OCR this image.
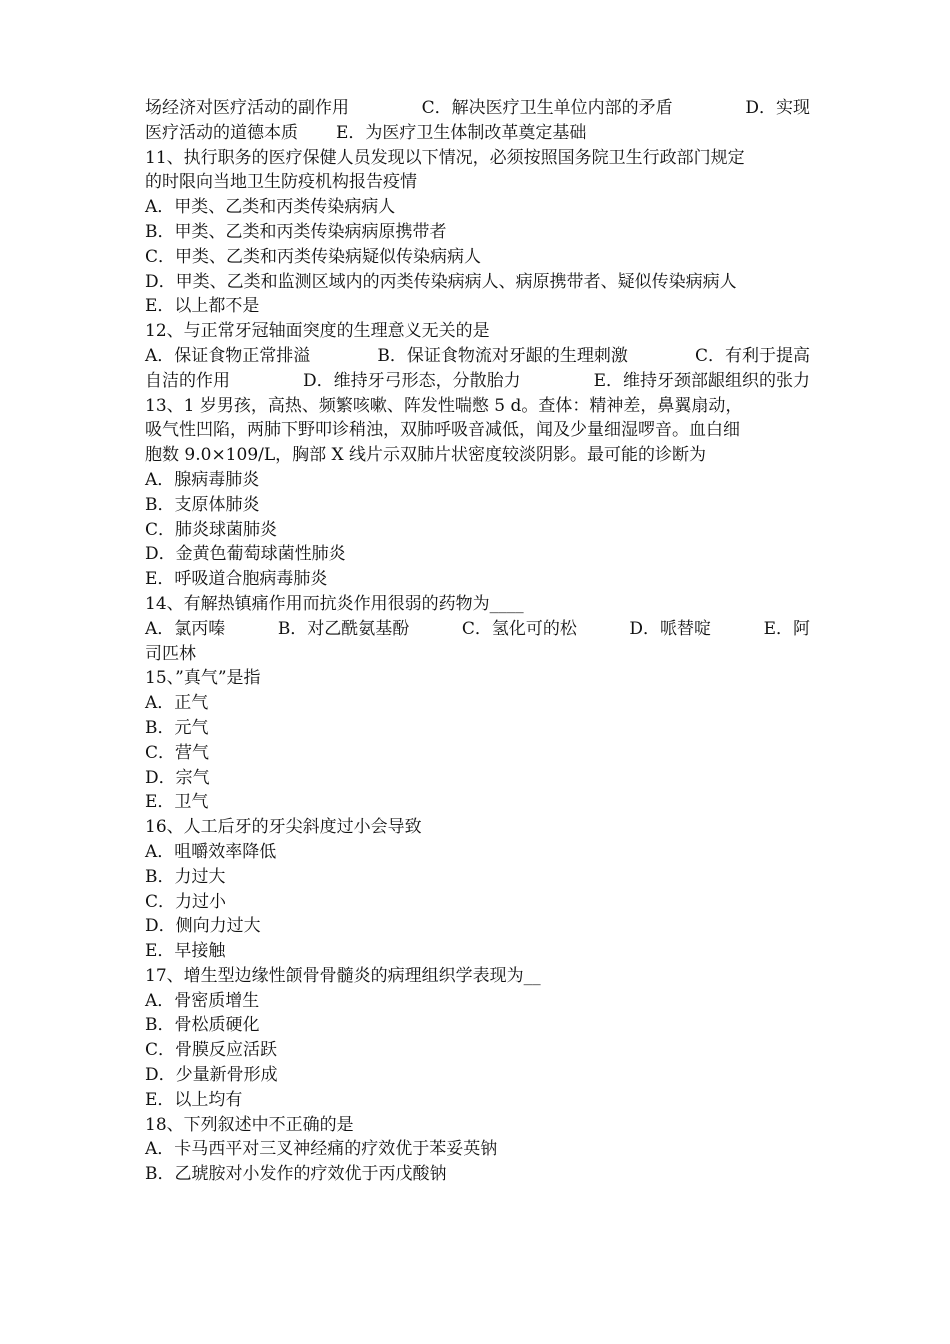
场经济对医疗活动的副作用	C．解决医疗卫生单位内部的矛盾	D．实现
医疗活动的道德本质 E．为医疗卫生体制改革奠定基础
11、执行职务的医疗保健人员发现以下情况，必须按照国务院卫生行政部门规定
的时限向当地卫生防疫机构报告疫情
A．甲类、乙类和丙类传染病病人
B．甲类、乙类和丙类传染病病原携带者
C．甲类、乙类和丙类传染病疑似传染病病人
D．甲类、乙类和监测区域内的丙类传染病病人、病原携带者、疑似传染病病人
E．以上都不是
12、与正常牙冠轴面突度的生理意义无关的是
A．保证食物正常排溢	B．保证食物流对牙龈的生理刺激	C．有利于提高
自洁的作用	D．维持牙弓形态，分散胎力	E．维持牙颈部龈组织的张力
13、1 岁男孩，高热、频繁咳嗽、阵发性喘憋 5 d。查体：精神差，鼻翼扇动，
吸气性凹陷，两肺下野叩诊稍浊，双肺呼吸音减低，闻及少量细湿啰音。血白细
胞数 9.0×109/L，胸部 X 线片示双肺片状密度较淡阴影。最可能的诊断为
A．腺病毒肺炎
B．支原体肺炎
C．肺炎球菌肺炎
D．金黄色葡萄球菌性肺炎
E．呼吸道合胞病毒肺炎
14、有解热镇痛作用而抗炎作用很弱的药物为____
A．氯丙嗪	B．对乙酰氨基酚	C．氢化可的松	D．哌替啶	E．阿
司匹林
15、”真气”是指
A．正气
B．元气
C．营气
D．宗气
E．卫气
16、人工后牙的牙尖斜度过小会导致
A．咀嚼效率降低
B．力过大
C．力过小
D．侧向力过大
E．早接触
17、增生型边缘性颌骨骨髓炎的病理组织学表现为__
A．骨密质增生
B．骨松质硬化
C．骨膜反应活跃
D．少量新骨形成
E．以上均有
18、下列叙述中不正确的是
A．卡马西平对三叉神经痛的疗效优于苯妥英钠
B．乙琥胺对小发作的疗效优于丙戊酸钠
